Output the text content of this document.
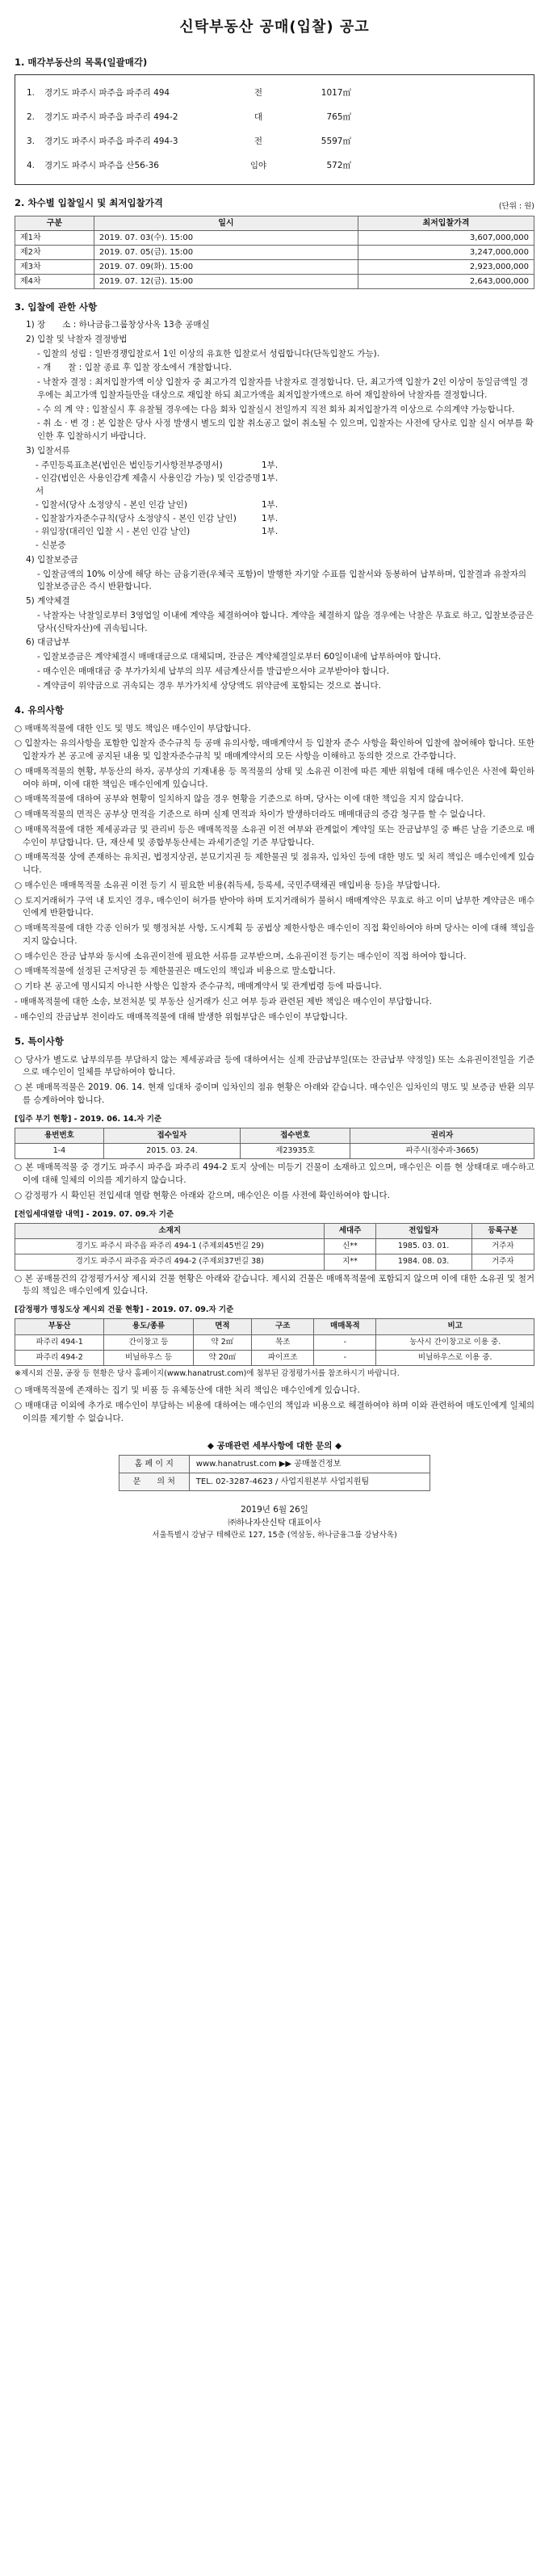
신탁부동산 공매(입찰) 공고
1. 매각부동산의 목록(일괄매각)
1.	경기도 파주시 파주읍 파주리 494	전	1017㎡
2.	경기도 파주시 파주읍 파주리 494-2	대	765㎡
3.	경기도 파주시 파주읍 파주리 494-3	전	5597㎡
4.	경기도 파주시 파주읍 산56-36	임야	572㎡
2. 차수별 입찰일시 및 최저입찰가격	(단위 : 원)
구분	일시	최저입찰가격
제1차	2019. 07. 03(수). 15:00	3,607,000,000
제2차	2019. 07. 05(금). 15:00	3,247,000,000
제3차	2019. 07. 09(화). 15:00	2,923,000,000
제4차	2019. 07. 12(금). 15:00	2,643,000,000
3. 입찰에 관한 사항
1) 장　　소 : 하나금융그룹창상사옥 13층 공매실
2) 입찰 및 낙찰자 결정방법
- 입찰의 성립 : 일반경쟁입찰로서 1인 이상의 유효한 입찰로서 성립합니다(단독입찰도 가능).
- 개　　찰 : 입찰 종료 후 입찰 장소에서 개찰합니다.
- 낙찰자 결정 : 최저입찰가액 이상 입찰자 중 최고가격 입찰자를 낙찰자로 결정합니다. 단, 최고가액 입찰가 2인 이상이 동일금액일 경우에는 최고가액 입찰자들만을 대상으로 재입찰 하되 최고가액을 최저입찰가액으로 하여 재입찰하여 낙찰자를 결정합니다.
- 수 의 계 약 : 입찰실시 후 유찰될 경우에는 다음 회차 입찰실시 전일까지 직전 회차 최저입찰가격 이상으로 수의계약 가능합니다.
- 취 소 · 변 경 : 본 입찰은 당사 사정 발생시 별도의 입찰 취소공고 없이 취소될 수 있으며, 입찰자는 사전에 당사로 입찰 실시 여부를 확인한 후 입찰하시기 바랍니다.
3) 입찰서류
- 주민등록표초본(법인은 법인등기사항전부증명서)	1부.
- 인감(법인은 사용인감계 제출시 사용인감 가능) 및 인감증명서
1부.
- 입찰서(당사 소정양식 - 본인 인감 날인)	1부.
- 입찰참가자준수규칙(당사 소정양식 - 본인 인감 날인)	1부.
- 위임장(대리인 입찰 시 - 본인 인감 날인)	1부.
- 신분증
4) 입찰보증금
- 입찰금액의 10% 이상에 해당 하는 금융기관(우체국 포함)이 발행한 자기앞 수표를 입찰서와 동봉하여 납부하며, 입찰결과 유찰자의 입찰보증금은 즉시 반환합니다.
5) 계약체결
- 낙찰자는 낙찰일로부터 3영업일 이내에 계약을 체결하여야 합니다. 계약을 체결하지 않을 경우에는 낙찰은 무효로 하고, 입찰보증금은 당사(신탁자산)에 귀속됩니다.
6) 대금납부
- 입찰보증금은 계약체결시 매매대금으로 대체되며, 잔금은 계약체결일로부터 60일이내에 납부하여야 합니다.
- 매수인은 매매대금 중 부가가치세 납부의 의무 세금계산서를 발급받으셔야 교부받아야 합니다.
- 계약금이 위약금으로 귀속되는 경우 부가가치세 상당액도 위약금에 포함되는 것으로 봅니다.
4. 유의사항

○ 매매목적물에 대한 인도 및 명도 책임은 매수인이 부담합니다.

○ 입찰자는 유의사항을 포함한 입찰자 준수규칙 등 공매 유의사항, 매매계약서 등 입찰자 준수 사항을 확인하여 입찰에 참여해야 합니다. 또한 입찰자가 본 공고에 공지된 내용 및 입찰자준수규칙 및 매매계약서의 모든 사항을 이해하고 동의한 것으로 간주합니다.

○ 매매목적물의 현황, 부동산의 하자, 공부상의 기재내용 등 목적물의 상태 및 소유권 이전에 따른 제반 위험에 대해 매수인은 사전에 확인하여야 하며, 이에 대한 책임은 매수인에게 있습니다.

○ 매매목적물에 대하여 공부와 현황이 일치하지 않을 경우 현황을 기준으로 하며, 당사는 이에 대한 책임을 지지 않습니다.

○ 매매목적물의 면적은 공부상 면적을 기준으로 하며 실제 면적과 차이가 발생하더라도 매매대금의 증감 청구를 할 수 없습니다.

○ 매매목적물에 대한 제세공과금 및 관리비 등은 매매목적물 소유권 이전 여부와 관계없이 계약일 또는 잔금납부일 중 빠른 날을 기준으로 매수인이 부담합니다. 단, 재산세 및 종합부동산세는 과세기준일 기준 부담합니다.

○ 매매목적물 상에 존재하는 유치권, 법정지상권, 분묘기지권 등 제한물권 및 점유자, 임차인 등에 대한 명도 및 처리 책임은 매수인에게 있습니다.

○ 매수인은 매매목적물 소유권 이전 등기 시 필요한 비용(취득세, 등록세, 국민주택채권 매입비용 등)을 부담합니다.

○ 토지거래허가 구역 내 토지인 경우, 매수인이 허가를 받아야 하며 토지거래허가 불허시 매매계약은 무효로 하고 이미 납부한 계약금은 매수인에게 반환합니다.

○ 매매목적물에 대한 각종 인허가 및 행정처분 사항, 도시계획 등 공법상 제한사항은 매수인이 직접 확인하여야 하며 당사는 이에 대해 책임을 지지 않습니다.

○ 매수인은 잔금 납부와 동시에 소유권이전에 필요한 서류를 교부받으며, 소유권이전 등기는 매수인이 직접 하여야 합니다.

○ 매매목적물에 설정된 근저당권 등 제한물권은 매도인의 책임과 비용으로 말소합니다.

○ 기타 본 공고에 명시되지 아니한 사항은 입찰자 준수규칙, 매매계약서 및 관계법령 등에 따릅니다.

- 매매목적물에 대한 소송, 보전처분 및 부동산 실거래가 신고 여부 등과 관련된 제반 책임은 매수인이 부담합니다.

- 매수인의 잔금납부 전이라도 매매목적물에 대해 발생한 위험부담은 매수인이 부담합니다.

5. 특이사항

○ 당사가 별도로 납부의무를 부담하지 않는 제세공과금 등에 대하여서는 실제 잔금납부일(또는 잔금납부 약정일) 또는 소유권이전일을 기준으로 매수인이 일체를 부담하여야 합니다.

○ 본 매매목적물은 2019. 06. 14. 현재 임대차 중이며 임차인의 점유 현황은 아래와 같습니다. 매수인은 임차인의 명도 및 보증금 반환 의무를 승계하여야 합니다.

[입주 부기 현황] - 2019. 06. 14.자 기준
용번번호	접수일자	접수번호	권리자
1-4	2015. 03. 24.	제23935호	파주시(정수과-3665)

○ 본 매매목적물 중 경기도 파주시 파주읍 파주리 494-2 토지 상에는 미등기 건물이 소재하고 있으며, 매수인은 이를 현 상태대로 매수하고 이에 대해 일체의 이의를 제기하지 않습니다.

○ 감정평가 시 확인된 전입세대 열람 현황은 아래와 같으며, 매수인은 이를 사전에 확인하여야 합니다.

[전입세대열람 내역] - 2019. 07. 09.자 기준
소재지	세대주	전입일자	등록구분
경기도 파주시 파주읍 파주리 494-1 (주제외45번길 29)	신**	1985. 03. 01.	거주자
경기도 파주시 파주읍 파주리 494-2 (주제외37번길 38)	지**	1984. 08. 03.	거주자

○ 본 공매물건의 감정평가서상 제시외 건물 현황은 아래와 같습니다. 제시외 건물은 매매목적물에 포함되지 않으며 이에 대한 소유권 및 철거 등의 책임은 매수인에게 있습니다.

[감정평가 명칭도상 제시외 건물 현황] - 2019. 07. 09.자 기준
부동산	용도/종류	면적	구조	매매목적	비고
파주리 494-1	간이창고 등	약 2㎡	목조	-	농사시 간이창고로 이용 중.
파주리 494-2	비닐하우스 등	약 20㎡	파이프조	-	비닐하우스로 이용 중.
※제시외 건물, 공장 등 현황은 당사 홈페이지(www.hanatrust.com)에 첨부된 감정평가서를 참조하시기 바랍니다.

○ 매매목적물에 존재하는 집기 및 비품 등 유체동산에 대한 처리 책임은 매수인에게 있습니다.

○ 매매대금 이외에 추가로 매수인이 부담하는 비용에 대하여는 매수인의 책임과 비용으로 해결하여야 하며 이와 관련하여 매도인에게 일체의 이의를 제기할 수 없습니다.

◆ 공매관련 세부사항에 대한 문의 ◆
홈 페 이 지	www.hanatrust.com ▶▶ 공매물건정보
문　　의 처	TEL. 02-3287-4623 / 사업지원본부 사업지원팀
2019년 6월 26일
㈜하나자산신탁 대표이사
서울특별시 강남구 테헤란로 127, 15층 (역삼동, 하나금융그룹 강남사옥)
